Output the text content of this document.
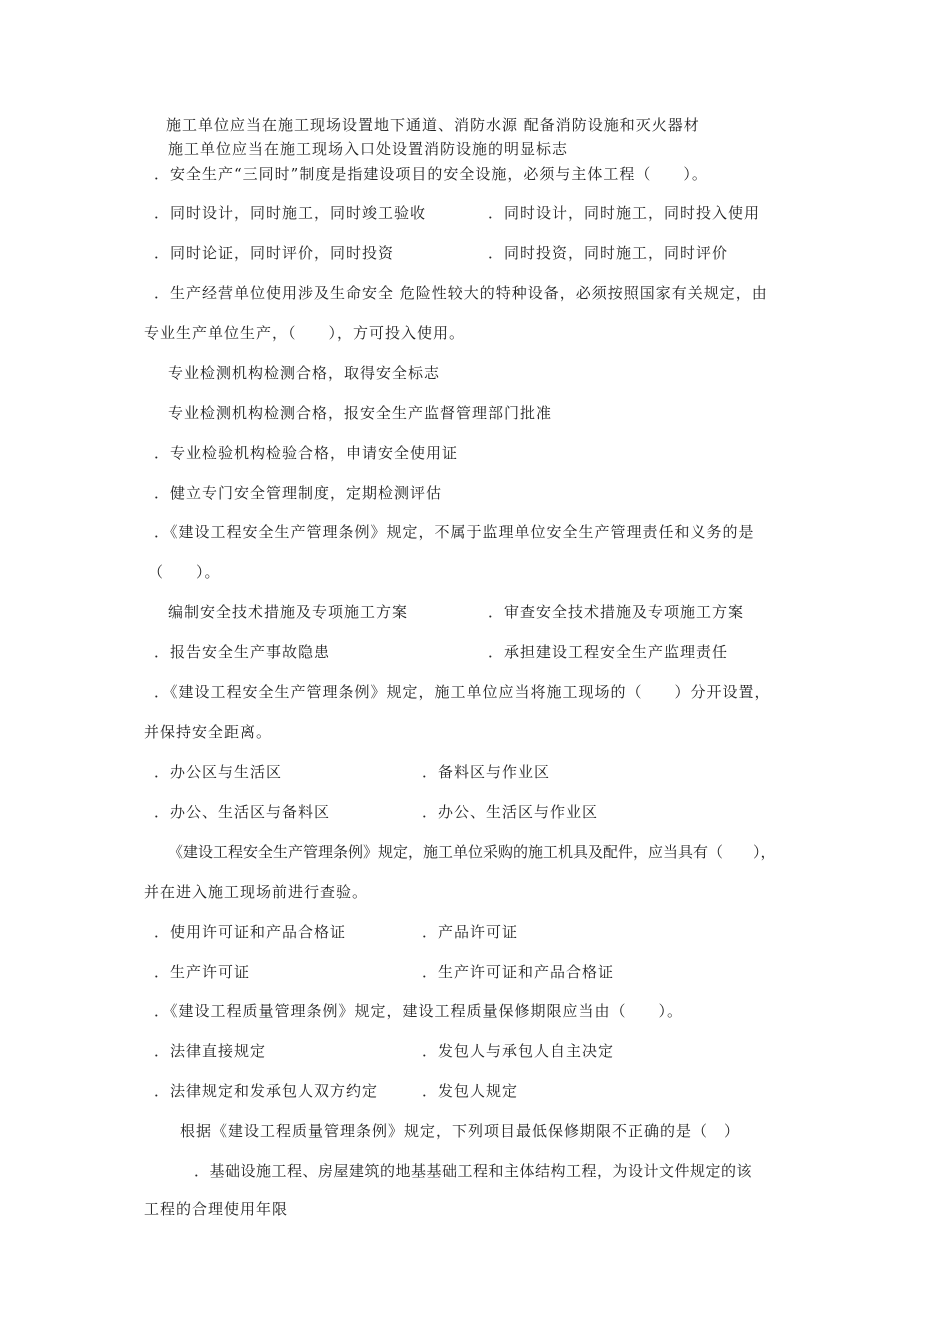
施工单位应当在施工现场设置地下通道、消防水源 配备消防设施和灭火器材
施工单位应当在施工现场入口处设置消防设施的明显标志
．安全生产“三同时”制度是指建设项目的安全设施，必须与主体工程（　　）。
．同时设计，同时施工，同时竣工验收	．同时设计，同时施工，同时投入使用
．同时论证，同时评价，同时投资	．同时投资，同时施工，同时评价
．生产经营单位使用涉及生命安全 危险性较大的特种设备，必须按照国家有关规定，由
专业生产单位生产，（　　），方可投入使用。
专业检测机构检测合格，取得安全标志
专业检测机构检测合格，报安全生产监督管理部门批准
．专业检验机构检验合格，申请安全使用证
．健立专门安全管理制度，定期检测评估
．《建设工程安全生产管理条例》规定，不属于监理单位安全生产管理责任和义务的是
（　　）。
编制安全技术措施及专项施工方案	．审查安全技术措施及专项施工方案
．报告安全生产事故隐患	．承担建设工程安全生产监理责任
．《建设工程安全生产管理条例》规定，施工单位应当将施工现场的（　　）分开设置，
并保持安全距离。
．办公区与生活区	．备料区与作业区
．办公、生活区与备料区	．办公、生活区与作业区
《建设工程安全生产管理条例》规定，施工单位采购的施工机具及配件，应当具有（　　），
并在进入施工现场前进行查验。
．使用许可证和产品合格证	．产品许可证
．生产许可证	．生产许可证和产品合格证
．《建设工程质量管理条例》规定，建设工程质量保修期限应当由（　　）。
．法律直接规定	．发包人与承包人自主决定
．法律规定和发承包人双方约定	．发包人规定
根据《建设工程质量管理条例》规定，下列项目最低保修期限不正确的是（　）
．基础设施工程、房屋建筑的地基基础工程和主体结构工程，为设计文件规定的该
工程的合理使用年限
